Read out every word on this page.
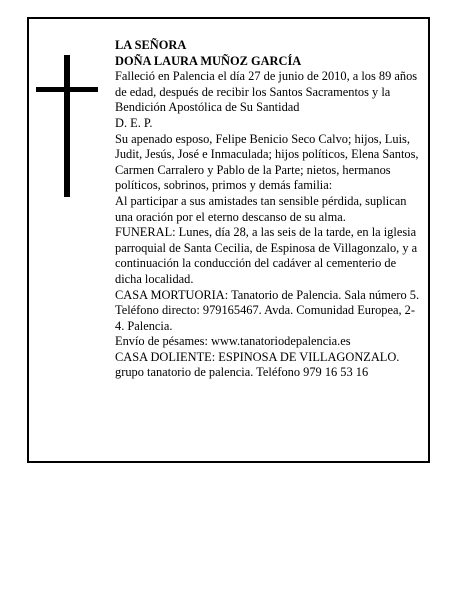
LA SEÑORA

DOÑA LAURA MUÑOZ GARCÍA

Falleció en Palencia el día 27 de junio de 2010, a los 89 años de edad, después de recibir los Santos Sacramentos y la Bendición Apostólica de Su Santidad

D. E. P.

Su apenado esposo, Felipe Benicio Seco Calvo; hijos, Luis, Judit, Jesús, José e Inmaculada; hijos políticos, Elena Santos, Carmen Carralero y Pablo de la Parte; nietos, hermanos políticos, sobrinos, primos y demás familia:

Al participar a sus amistades tan sensible pérdida, suplican una oración por el eterno descanso de su alma.

FUNERAL: Lunes, día 28, a las seis de la tarde, en la iglesia parroquial de Santa Cecilia, de Espinosa de Villagonzalo, y a continuación la conducción del cadáver al cementerio de dicha localidad.

CASA MORTUORIA: Tanatorio de Palencia. Sala número 5. Teléfono directo: 979165467. Avda. Comunidad Europea, 2-4. Palencia.

Envío de pésames: www.tanatoriodepalencia.es

CASA DOLIENTE: ESPINOSA DE VILLAGONZALO.

grupo tanatorio de palencia. Teléfono 979 16 53 16
